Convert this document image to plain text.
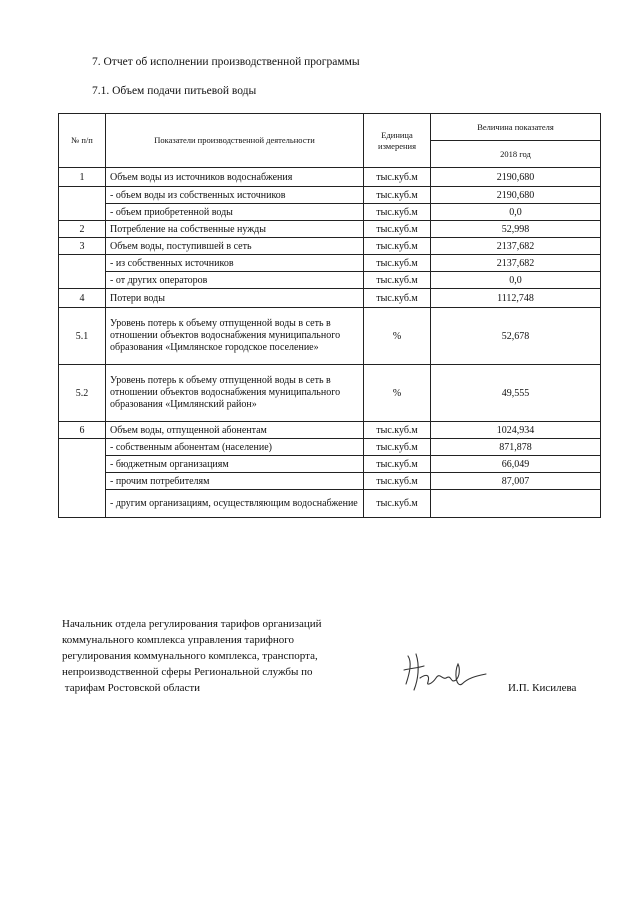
7. Отчет об исполнении производственной программы
7.1. Объем подачи питьевой воды
№ п/п	Показатели производственной деятельности	Единица измерения	Величина показателя
			2018 год
1	Объем воды из источников водоснабжения	тыс.куб.м	2190,680
	- объем воды из собственных источников	тыс.куб.м	2190,680
	- объем приобретенной воды	тыс.куб.м	0,0
2	Потребление на собственные нужды	тыс.куб.м	52,998
3	Объем воды, поступившей в сеть	тыс.куб.м	2137,682
	- из собственных источников	тыс.куб.м	2137,682
	- от других операторов	тыс.куб.м	0,0
4	Потери воды	тыс.куб.м	1112,748
5.1	Уровень потерь к объему отпущенной воды в сеть в отношении объектов водоснабжения муниципального образования «Цимлянское городское поселение»	%	52,678
5.2	Уровень потерь к объему отпущенной воды в сеть в отношении объектов водоснабжения муниципального образования «Цимлянский район»	%	49,555
6	Объем воды, отпущенной абонентам	тыс.куб.м	1024,934
	- собственным абонентам (население)	тыс.куб.м	871,878
	- бюджетным организациям	тыс.куб.м	66,049
	- прочим потребителям	тыс.куб.м	87,007
	- другим организациям, осуществляющим водоснабжение	тыс.куб.м	
Начальник отдела регулирования тарифов организаций
коммунального комплекса управления тарифного
регулирования коммунального комплекса, транспорта,
непроизводственной сферы Региональной службы по
тарифам Ростовской области	И.П. Кисилева
